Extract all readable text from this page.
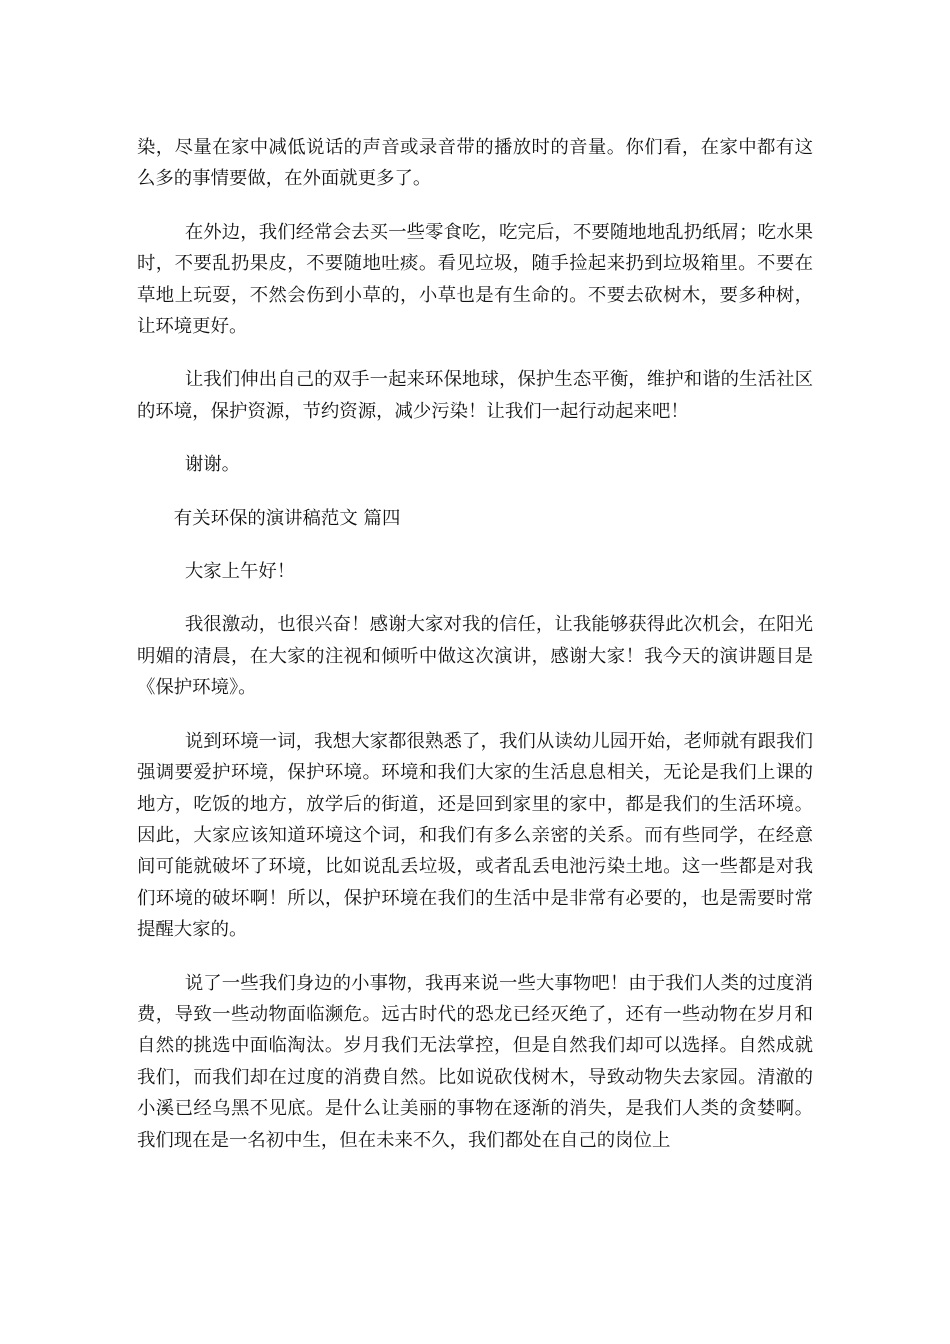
染，尽量在家中减低说话的声音或录音带的播放时的音量。你们看，在家中都有这么多的事情要做，在外面就更多了。

在外边，我们经常会去买一些零食吃，吃完后，不要随地地乱扔纸屑；吃水果时，不要乱扔果皮，不要随地吐痰。看见垃圾，随手捡起来扔到垃圾箱里。不要在草地上玩耍，不然会伤到小草的，小草也是有生命的。不要去砍树木，要多种树，让环境更好。

让我们伸出自己的双手一起来环保地球，保护生态平衡，维护和谐的生活社区的环境，保护资源，节约资源，减少污染！让我们一起行动起来吧！

谢谢。

有关环保的演讲稿范文 篇四

大家上午好！

我很激动，也很兴奋！感谢大家对我的信任，让我能够获得此次机会，在阳光明媚的清晨，在大家的注视和倾听中做这次演讲，感谢大家！我今天的演讲题目是《保护环境》。

说到环境一词，我想大家都很熟悉了，我们从读幼儿园开始，老师就有跟我们强调要爱护环境，保护环境。环境和我们大家的生活息息相关，无论是我们上课的地方，吃饭的地方，放学后的街道，还是回到家里的家中，都是我们的生活环境。因此，大家应该知道环境这个词，和我们有多么亲密的关系。而有些同学，在经意间可能就破坏了环境，比如说乱丢垃圾，或者乱丢电池污染土地。这一些都是对我们环境的破坏啊！所以，保护环境在我们的生活中是非常有必要的，也是需要时常提醒大家的。

说了一些我们身边的小事物，我再来说一些大事物吧！由于我们人类的过度消费，导致一些动物面临濒危。远古时代的恐龙已经灭绝了，还有一些动物在岁月和自然的挑选中面临淘汰。岁月我们无法掌控，但是自然我们却可以选择。自然成就我们，而我们却在过度的消费自然。比如说砍伐树木，导致动物失去家园。清澈的小溪已经乌黑不见底。是什么让美丽的事物在逐渐的消失，是我们人类的贪婪啊。我们现在是一名初中生，但在未来不久，我们都处在自己的岗位上
